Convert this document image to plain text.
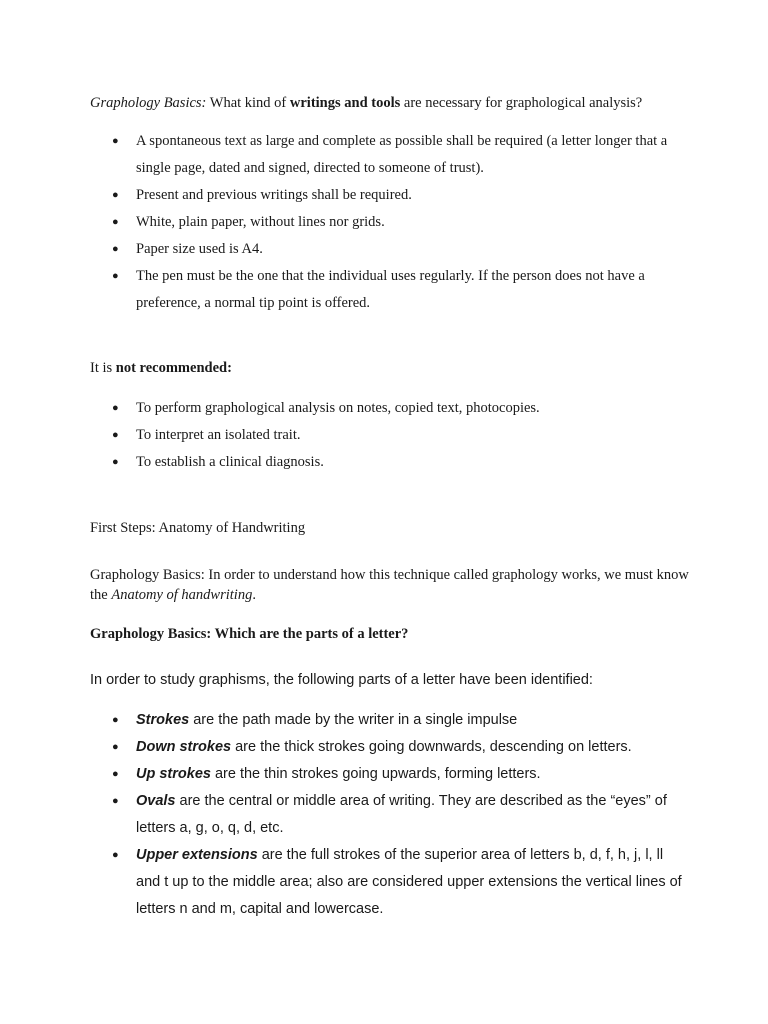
Graphology Basics: What kind of writings and tools are necessary for graphological analysis?

● A spontaneous text as large and complete as possible shall be required (a letter longer that a single page, dated and signed, directed to someone of trust).
● Present and previous writings shall be required.
● White, plain paper, without lines nor grids.
● Paper size used is A4.
● The pen must be the one that the individual uses regularly. If the person does not have a preference, a normal tip point is offered.

It is not recommended:

● To perform graphological analysis on notes, copied text, photocopies.
● To interpret an isolated trait.
● To establish a clinical diagnosis.

First Steps: Anatomy of Handwriting

Graphology Basics: In order to understand how this technique called graphology works, we must know the Anatomy of handwriting.

Graphology Basics: Which are the parts of a letter?

In order to study graphisms, the following parts of a letter have been identified:

● Strokes are the path made by the writer in a single impulse
● Down strokes are the thick strokes going downwards, descending on letters.
● Up strokes are the thin strokes going upwards, forming letters.
● Ovals are the central or middle area of writing. They are described as the “eyes” of letters a, g, o, q, d, etc.
● Upper extensions are the full strokes of the superior area of letters b, d, f, h, j, l, ll and t up to the middle area; also are considered upper extensions the vertical lines of letters n and m, capital and lowercase.
